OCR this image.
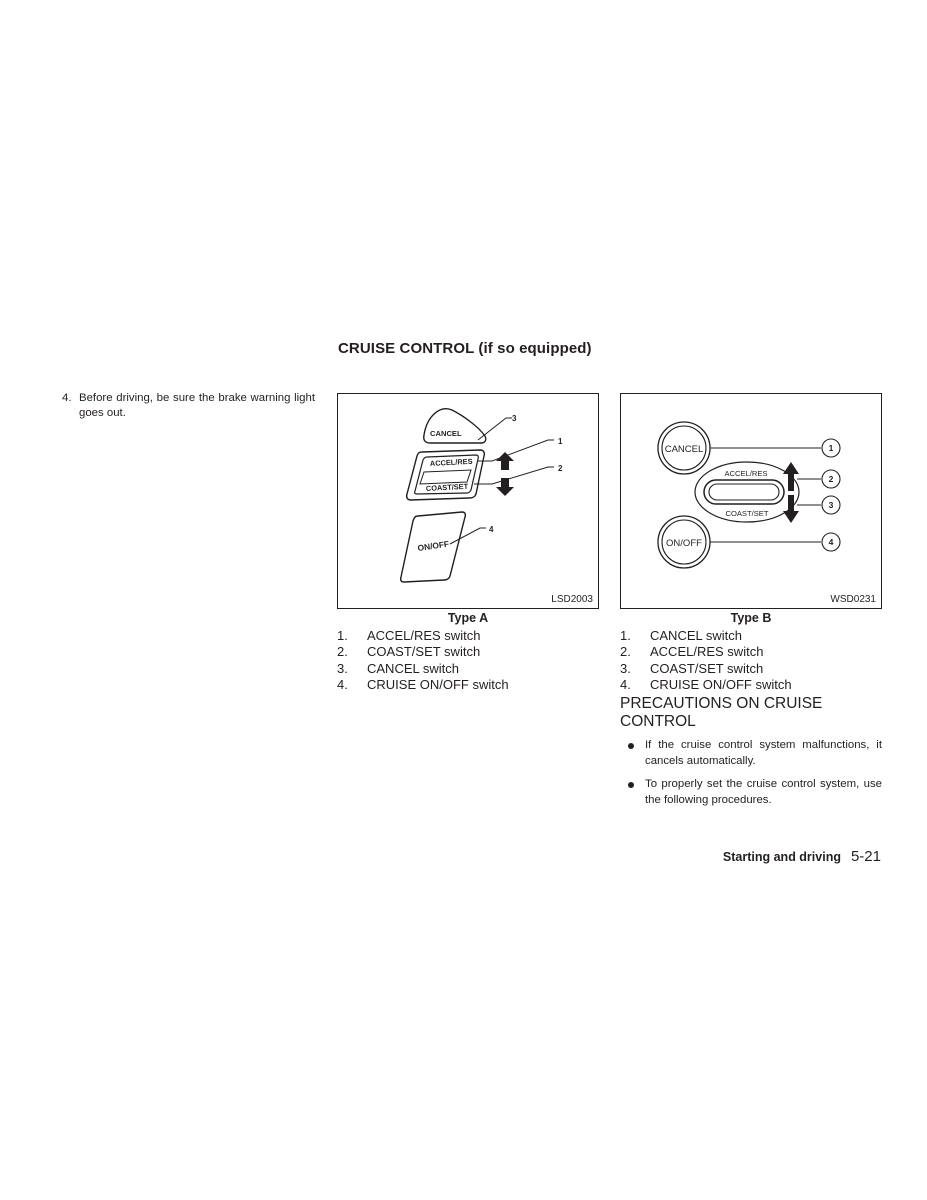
CRUISE CONTROL (if so equipped)
4. Before driving, be sure the brake warning light goes out.
CANCEL
ACCEL/RES
COAST/SET
ON/OFF
3
1
2
4
LSD2003
Type A
CANCEL
ACCEL/RES
COAST/SET
ON/OFF
1
2
3
4
WSD0231
Type B
1. ACCEL/RES switch
2. COAST/SET switch
3. CANCEL switch
4. CRUISE ON/OFF switch
1. CANCEL switch
2. ACCEL/RES switch
3. COAST/SET switch
4. CRUISE ON/OFF switch
PRECAUTIONS ON CRUISE CONTROL
If the cruise control system malfunctions, it cancels automatically.
To properly set the cruise control system, use the following procedures.
Starting and driving 5-21
